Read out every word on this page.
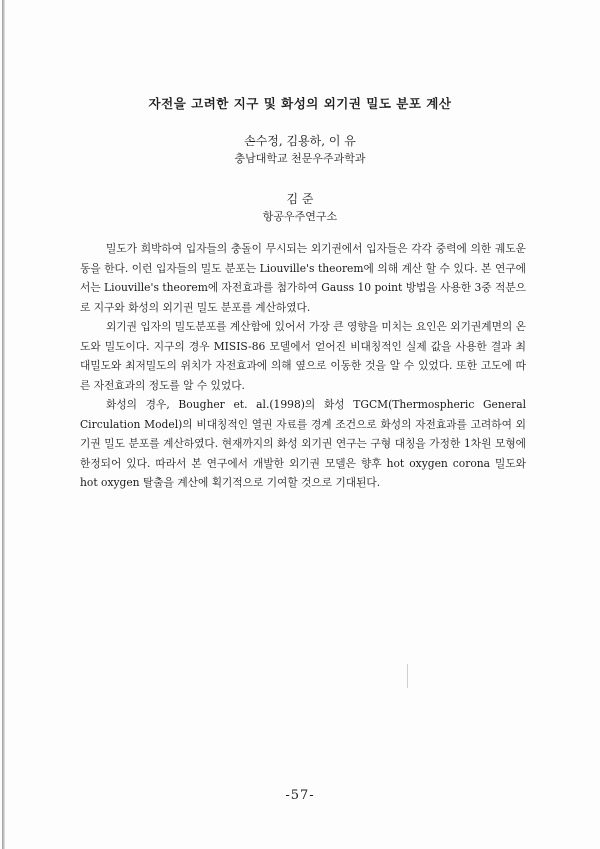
자전을 고려한 지구 및 화성의 외기권 밀도 분포 계산
손수정, 김용하, 이 유
충남대학교 천문우주과학과
김 준
항공우주연구소

밀도가 희박하여 입자들의 충돌이 무시되는 외기권에서 입자들은 각각 중력에 의한 궤도운동을 한다. 이런 입자들의 밀도 분포는 Liouville's theorem에 의해 계산 할 수 있다. 본 연구에서는 Liouville's theorem에 자전효과를 첨가하여 Gauss 10 point 방법을 사용한 3중 적분으로 지구와 화성의 외기권 밀도 분포를 계산하였다.

외기권 입자의 밀도분포를 계산함에 있어서 가장 큰 영향을 미치는 요인은 외기권계면의 온도와 밀도이다. 지구의 경우 MISIS-86 모델에서 얻어진 비대칭적인 실제 값을 사용한 결과 최대밀도와 최저밀도의 위치가 자전효과에 의해 옆으로 이동한 것을 알 수 있었다. 또한 고도에 따른 자전효과의 정도를 알 수 있었다.

화성의 경우, Bougher et. al.(1998)의 화성 TGCM(Thermospheric General Circulation Model)의 비대칭적인 열권 자료를 경계 조건으로 화성의 자전효과를 고려하여 외기권 밀도 분포를 계산하였다. 현재까지의 화성 외기권 연구는 구형 대칭을 가정한 1차원 모형에 한정되어 있다. 따라서 본 연구에서 개발한 외기권 모델은 향후 hot oxygen corona 밀도와 hot oxygen 탈출을 계산에 획기적으로 기여할 것으로 기대된다.

-57-
